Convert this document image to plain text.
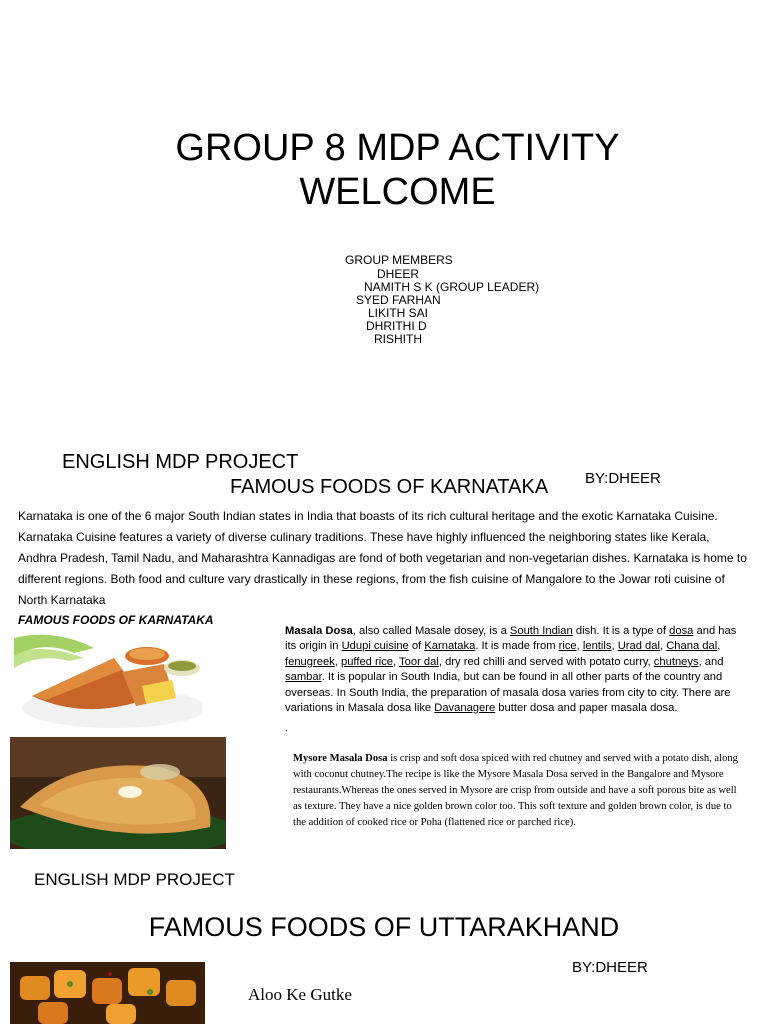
GROUP 8 MDP ACTIVITY
WELCOME
GROUP MEMBERS
DHEER
NAMITH S K (GROUP LEADER)
SYED FARHAN
LIKITH SAI
DHRITHI D
RISHITH
ENGLISH MDP PROJECT
FAMOUS FOODS OF KARNATAKA BY:DHEER
Karnataka is one of the 6 major South Indian states in India that boasts of its rich cultural heritage and the exotic Karnataka Cuisine. Karnataka Cuisine features a variety of diverse culinary traditions. These have highly influenced the neighboring states like Kerala, Andhra Pradesh, Tamil Nadu, and Maharashtra Kannadigas are fond of both vegetarian and non-vegetarian dishes. Karnataka is home to different regions. Both food and culture vary drastically in these regions, from the fish cuisine of Mangalore to the Jowar roti cuisine of North Karnataka
FAMOUS FOODS OF KARNATAKA
Masala Dosa, also called Masale dosey, is a South Indian dish. It is a type of dosa and has its origin in Udupi cuisine of Karnataka. It is made from rice, lentils, Urad dal, Chana dal, fenugreek, puffed rice, Toor dal, dry red chilli and served with potato curry, chutneys, and sambar. It is popular in South India, but can be found in all other parts of the country and overseas. In South India, the preparation of masala dosa varies from city to city. There are variations in Masala dosa like Davanagere butter dosa and paper masala dosa.
.
Mysore Masala Dosa is crisp and soft dosa spiced with red chutney and served with a potato dish, along with coconut chutney.The recipe is like the Mysore Masala Dosa served in the Bangalore and Mysore restaurants.Whereas the ones served in Mysore are crisp from outside and have a soft porous bite as well as texture. They have a nice golden brown color too. This soft texture and golden brown color, is due to the addition of cooked rice or Poha (flattened rice or parched rice).
ENGLISH MDP PROJECT
FAMOUS FOODS OF UTTARAKHAND
BY:DHEER
Aloo Ke Gutke
